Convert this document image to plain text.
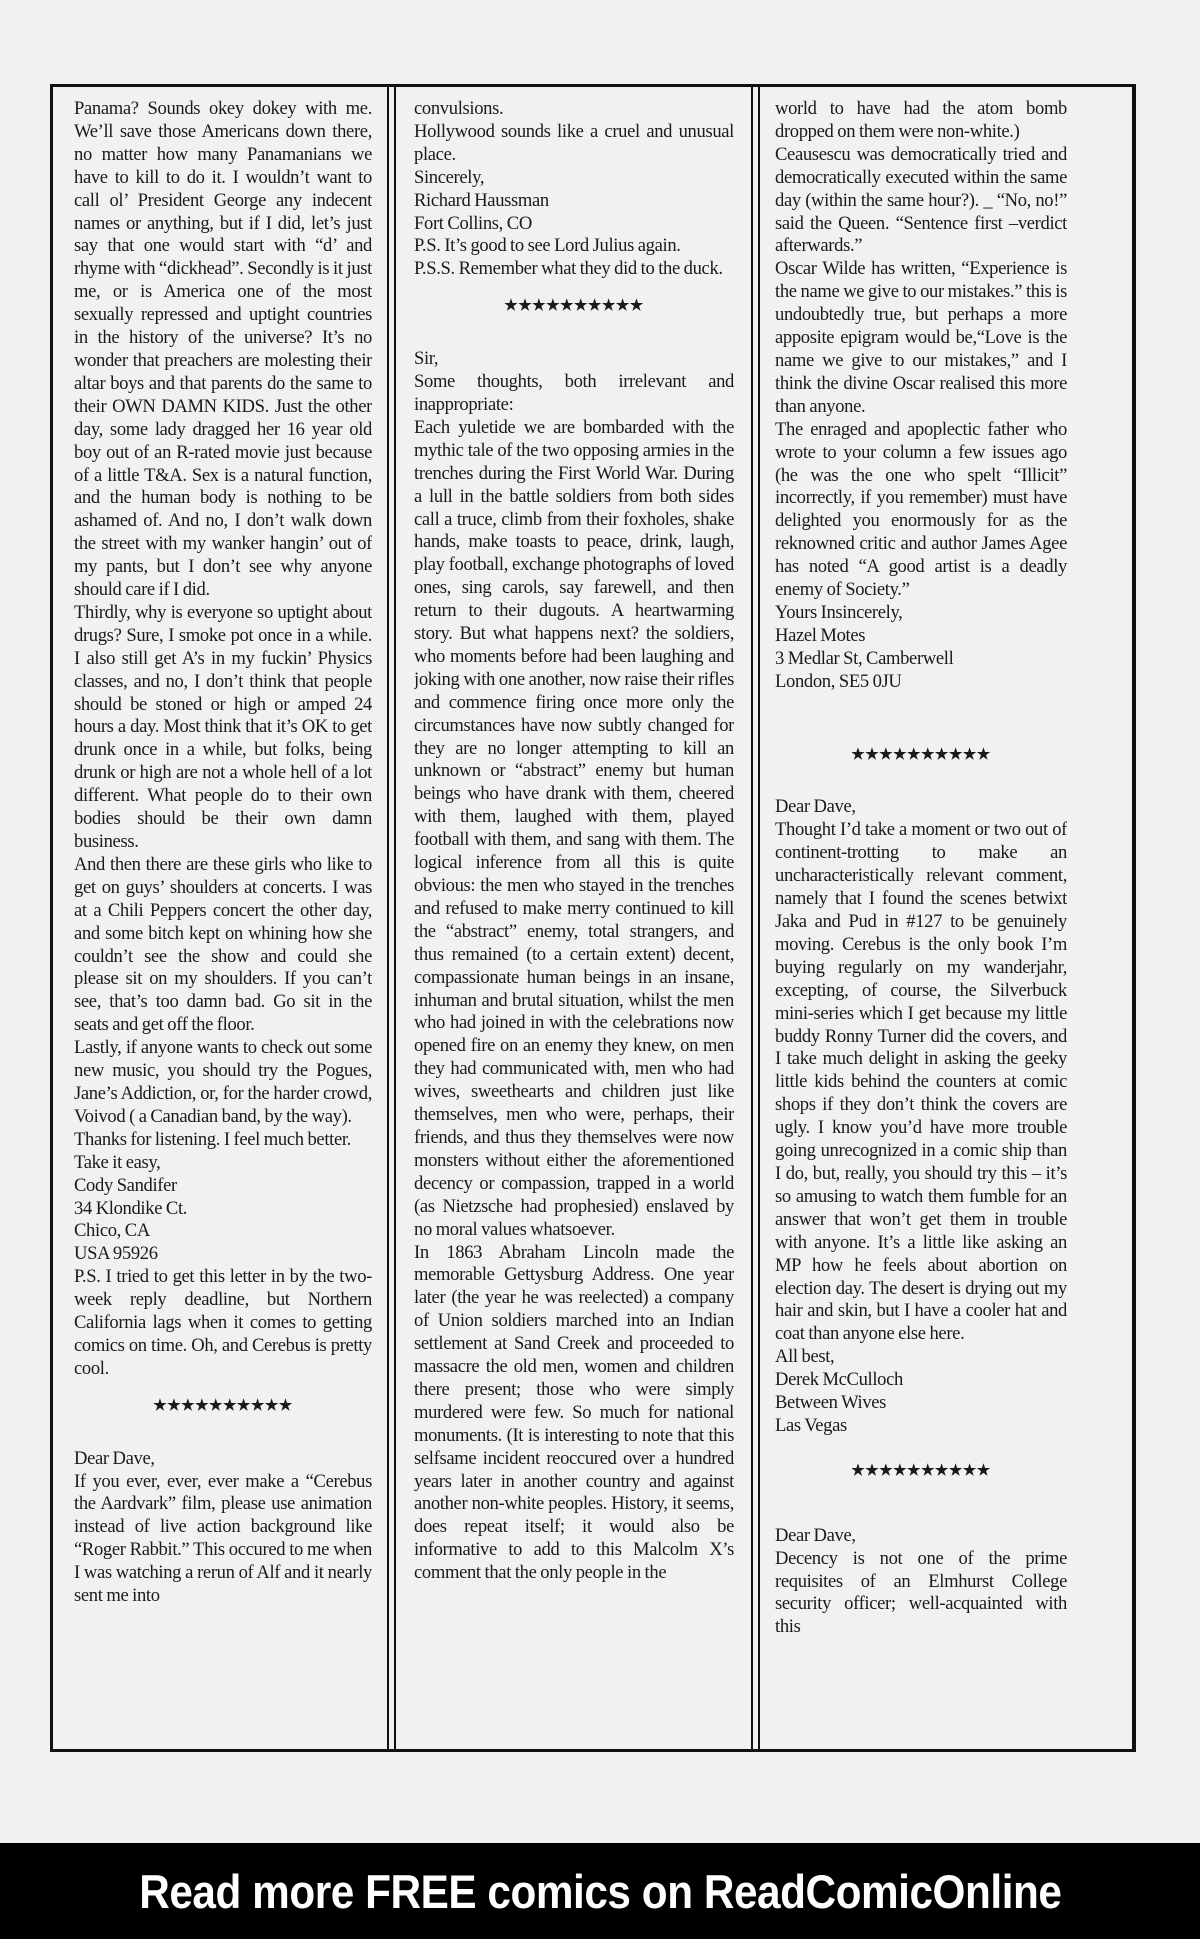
Panama? Sounds okey dokey with me. We’ll save those Americans down there, no matter how many Panamanians we have to kill to do it. I wouldn’t want to call ol’ President George any indecent names or anything, but if I did, let’s just say that one would start with “d’ and rhyme with “dickhead”. Secondly is it just me, or is America one of the most sexually repressed and uptight countries in the history of the universe? It’s no wonder that preachers are molesting their altar boys and that parents do the same to their OWN DAMN KIDS. Just the other day, some lady dragged her 16 year old boy out of an R-rated movie just because of a little T&A. Sex is a natural function, and the human body is nothing to be ashamed of. And no, I don’t walk down the street with my wanker hangin’ out of my pants, but I don’t see why anyone should care if I did.

Thirdly, why is everyone so uptight about drugs? Sure, I smoke pot once in a while. I also still get A’s in my fuckin’ Physics classes, and no, I don’t think that people should be stoned or high or amped 24 hours a day. Most think that it’s OK to get drunk once in a while, but folks, being drunk or high are not a whole hell of a lot different. What people do to their own bodies should be their own damn business.

And then there are these girls who like to get on guys’ shoulders at concerts. I was at a Chili Peppers concert the other day, and some bitch kept on whining how she couldn’t see the show and could she please sit on my shoulders. If you can’t see, that’s too damn bad. Go sit in the seats and get off the floor.

Lastly, if anyone wants to check out some new music, you should try the Pogues, Jane’s Addiction, or, for the harder crowd, Voivod ( a Canadian band, by the way).

Thanks for listening. I feel much better.

Take it easy,
Cody Sandifer
34 Klondike Ct.
Chico, CA
USA 95926

P.S. I tried to get this letter in by the two-week reply deadline, but Northern California lags when it comes to getting comics on time. Oh, and Cerebus is pretty cool.

★★★★★★★★★★
Dear Dave,

If you ever, ever, ever make a “Cerebus the Aardvark” film, please use animation instead of live action background like “Roger Rabbit.” This occured to me when I was watching a rerun of Alf and it nearly sent me into

convulsions.

Hollywood sounds like a cruel and unusual place.

Sincerely,
Richard Haussman
Fort Collins, CO

P.S. It’s good to see Lord Julius again.

P.S.S. Remember what they did to the duck.

★★★★★★★★★★
Sir,

Some thoughts, both irrelevant and inappropriate:

Each yuletide we are bombarded with the mythic tale of the two opposing armies in the trenches during the First World War. During a lull in the battle soldiers from both sides call a truce, climb from their foxholes, shake hands, make toasts to peace, drink, laugh, play football, exchange photographs of loved ones, sing carols, say farewell, and then return to their dugouts. A heartwarming story. But what happens next? the soldiers, who moments before had been laughing and joking with one another, now raise their rifles and commence firing once more only the circumstances have now subtly changed for they are no longer attempting to kill an unknown or “abstract” enemy but human beings who have drank with them, cheered with them, laughed with them, played football with them, and sang with them. The logical inference from all this is quite obvious: the men who stayed in the trenches and refused to make merry continued to kill the “abstract” enemy, total strangers, and thus remained (to a certain extent) decent, compassionate human beings in an insane, inhuman and brutal situation, whilst the men who had joined in with the celebrations now opened fire on an enemy they knew, on men they had communicated with, men who had wives, sweethearts and children just like themselves, men who were, perhaps, their friends, and thus they themselves were now monsters without either the aforementioned decency or compassion, trapped in a world (as Nietzsche had prophesied) enslaved by no moral values whatsoever.

In 1863 Abraham Lincoln made the memorable Gettysburg Address. One year later (the year he was reelected) a company of Union soldiers marched into an Indian settlement at Sand Creek and proceeded to massacre the old men, women and children there present; those who were simply murdered were few. So much for national monuments. (It is interesting to note that this selfsame incident reoccured over a hundred years later in another country and against another non-white peoples. History, it seems, does repeat itself; it would also be informative to add to this Malcolm X’s comment that the only people in the

world to have had the atom bomb dropped on them were non-white.)

Ceausescu was democratically tried and democratically executed within the same day (within the same hour?). _ “No, no!” said the Queen. “Sentence first –verdict afterwards.”

Oscar Wilde has written, “Experience is the name we give to our mistakes.” this is undoubtedly true, but perhaps a more apposite epigram would be,“Love is the name we give to our mistakes,” and I think the divine Oscar realised this more than anyone.

The enraged and apoplectic father who wrote to your column a few issues ago (he was the one who spelt “Illicit” incorrectly, if you remember) must have delighted you enormously for as the reknowned critic and author James Agee has noted “A good artist is a deadly enemy of Society.”

Yours Insincerely,
Hazel Motes
3 Medlar St, Camberwell
London, SE5 0JU
★★★★★★★★★★
Dear Dave,

Thought I’d take a moment or two out of continent-trotting to make an uncharacteristically relevant comment, namely that I found the scenes betwixt Jaka and Pud in #127 to be genuinely moving. Cerebus is the only book I’m buying regularly on my wanderjahr, excepting, of course, the Silverbuck mini-series which I get because my little buddy Ronny Turner did the covers, and I take much delight in asking the geeky little kids behind the counters at comic shops if they don’t think the covers are ugly. I know you’d have more trouble going unrecognized in a comic ship than I do, but, really, you should try this – it’s so amusing to watch them fumble for an answer that won’t get them in trouble with anyone. It’s a little like asking an MP how he feels about abortion on election day. The desert is drying out my hair and skin, but I have a cooler hat and coat than anyone else here.

All best,
Derek McCulloch
Between Wives
Las Vegas
★★★★★★★★★★
Dear Dave,

Decency is not one of the prime requisites of an Elmhurst College security officer; well-acquainted with this

Read more FREE comics on ReadComicOnline
